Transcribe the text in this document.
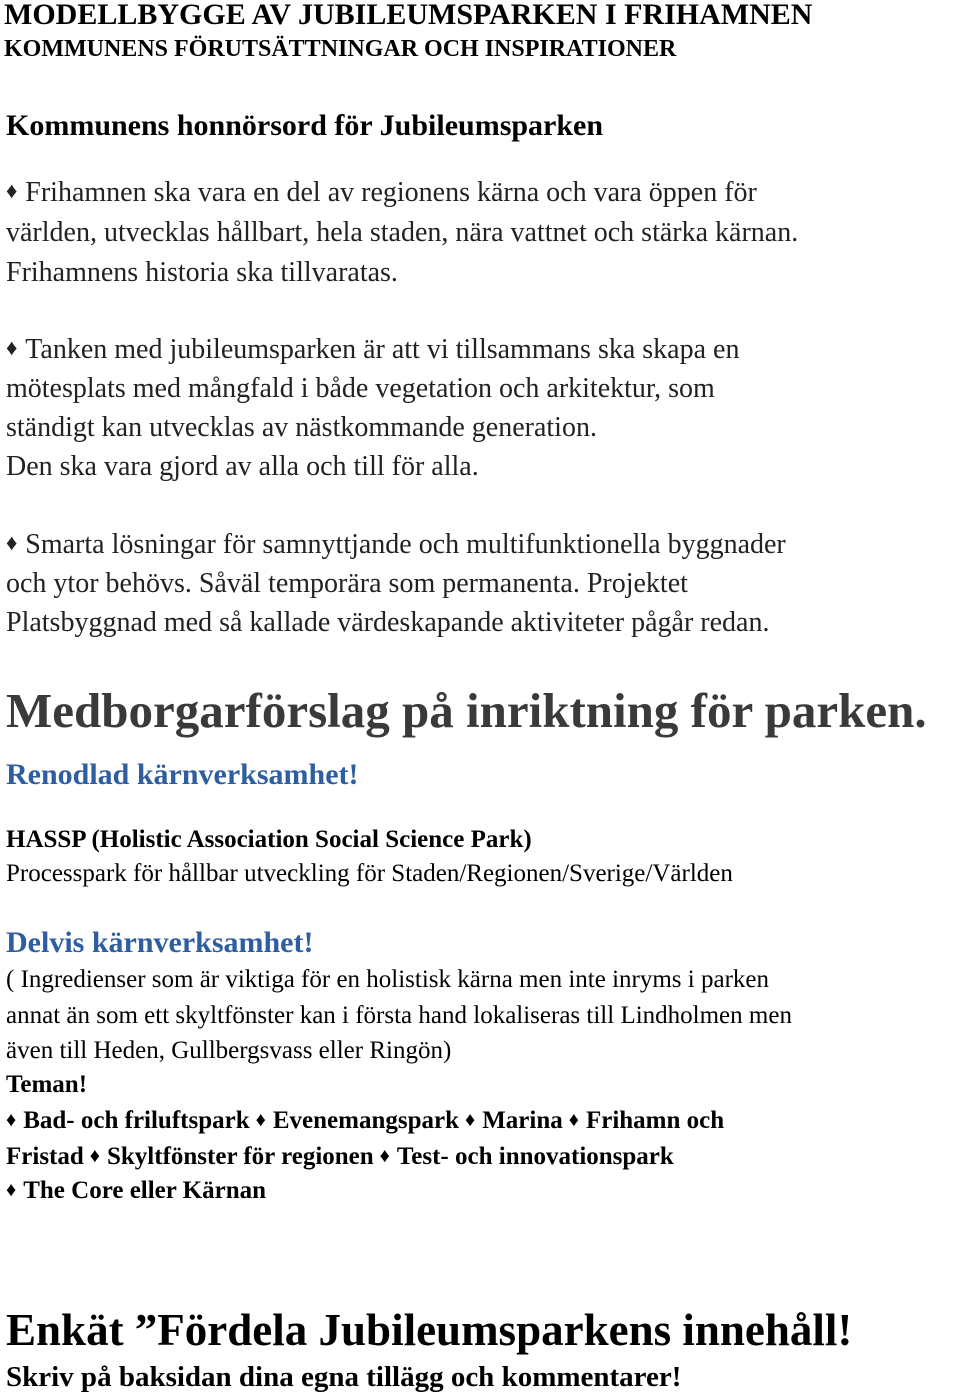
MODELLBYGGE AV JUBILEUMSPARKEN I FRIHAMNEN
KOMMUNENS FÖRUTSÄTTNINGAR OCH INSPIRATIONER
Kommunens honnörsord för Jubileumsparken
♦ Frihamnen ska vara en del av regionens kärna och vara öppen för
världen, utvecklas hållbart, hela staden, nära vattnet och stärka kärnan.
Frihamnens historia ska tillvaratas.
♦ Tanken med jubileumsparken är att vi tillsammans ska skapa en
mötesplats med mångfald i både vegetation och arkitektur, som
ständigt kan utvecklas av nästkommande generation.
Den ska vara gjord av alla och till för alla.
♦ Smarta lösningar för samnyttjande och multifunktionella byggnader
och ytor behövs. Såväl temporära som permanenta. Projektet
Platsbyggnad med så kallade värdeskapande aktiviteter pågår redan.
Medborgarförslag på inriktning för parken.
Renodlad kärnverksamhet!
HASSP (Holistic Association Social Science Park)
Processpark för hållbar utveckling för Staden/Regionen/Sverige/Världen
Delvis kärnverksamhet!
( Ingredienser som är viktiga för en holistisk kärna men inte inryms i parken
annat än som ett skyltfönster kan i första hand lokaliseras till Lindholmen men
även till Heden, Gullbergsvass eller Ringön)
Teman!
♦ Bad- och friluftspark ♦ Evenemangspark ♦ Marina ♦ Frihamn och
Fristad ♦ Skyltfönster för regionen ♦ Test- och innovationspark
♦ The Core eller Kärnan
Enkät ”Fördela Jubileumsparkens innehåll!
Skriv på baksidan dina egna tillägg och kommentarer!
